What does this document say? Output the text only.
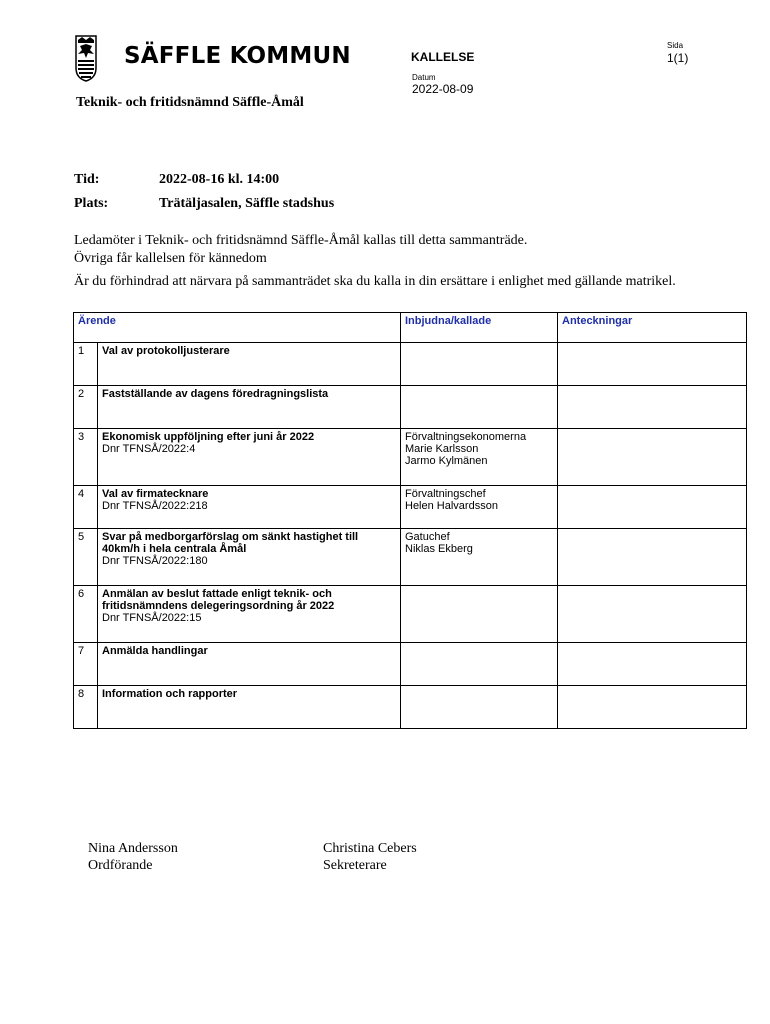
SÄFFLE KOMMUN	KALLELSE
Datum
2022-08-09
Sida
1(1)
Teknik- och fritidsnämnd Säffle-Åmål
Tid:	2022-08-16 kl. 14:00
Plats:	Trätäljasalen, Säffle stadshus
Ledamöter i Teknik- och fritidsnämnd Säffle-Åmål kallas till detta sammanträde.
Övriga får kallelsen för kännedom
Är du förhindrad att närvara på sammanträdet ska du kalla in din ersättare i enlighet med gällande matrikel.
Ärende		Inbjudna/kallade	Anteckningar
1	Val av protokolljusterare		

2	Fastställande av dagens föredragningslista		

3	Ekonomisk uppföljning efter juni år 2022
Dnr TFNSÅ/2022:4	Förvaltningsekonomerna
Marie Karlsson
Jarmo Kylmänen	

4	Val av firmatecknare
Dnr TFNSÅ/2022:218	Förvaltningschef
Helen Halvardsson	

5	Svar på medborgarförslag om sänkt hastighet till 40km/h i hela centrala Åmål
Dnr TFNSÅ/2022:180	Gatuchef
Niklas Ekberg	

6	Anmälan av beslut fattade enligt teknik- och fritidsnämndens delegeringsordning år 2022
Dnr TFNSÅ/2022:15		

7	Anmälda handlingar		

8	Information och rapporter		

Nina Andersson
Ordförande
Christina Cebers
Sekreterare
